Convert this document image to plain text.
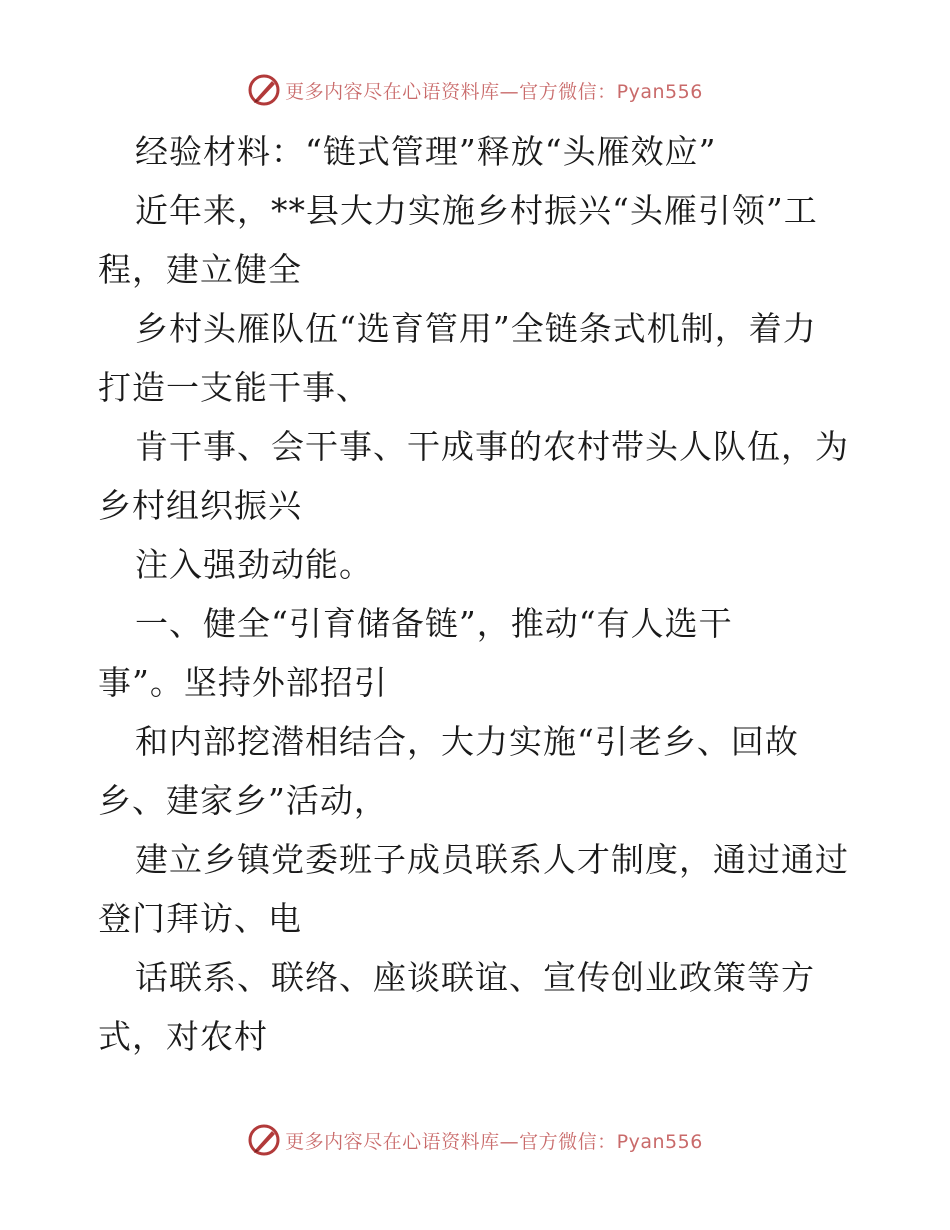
更多内容尽在心语资料库—官方微信：Pyan556
经验材料：“链式管理”释放“头雁效应”
近年来，**县大力实施乡村振兴“头雁引领”工
程，建立健全
乡村头雁队伍“选育管用”全链条式机制，着力
打造一支能干事、
肯干事、会干事、干成事的农村带头人队伍，为
乡村组织振兴
注入强劲动能。
一、健全“引育储备链”，推动“有人选干
事”。坚持外部招引
和内部挖潜相结合，大力实施“引老乡、回故
乡、建家乡”活动，
建立乡镇党委班子成员联系人才制度，通过通过
登门拜访、电
话联系、联络、座谈联谊、宣传创业政策等方
式，对农村
更多内容尽在心语资料库—官方微信：Pyan556
